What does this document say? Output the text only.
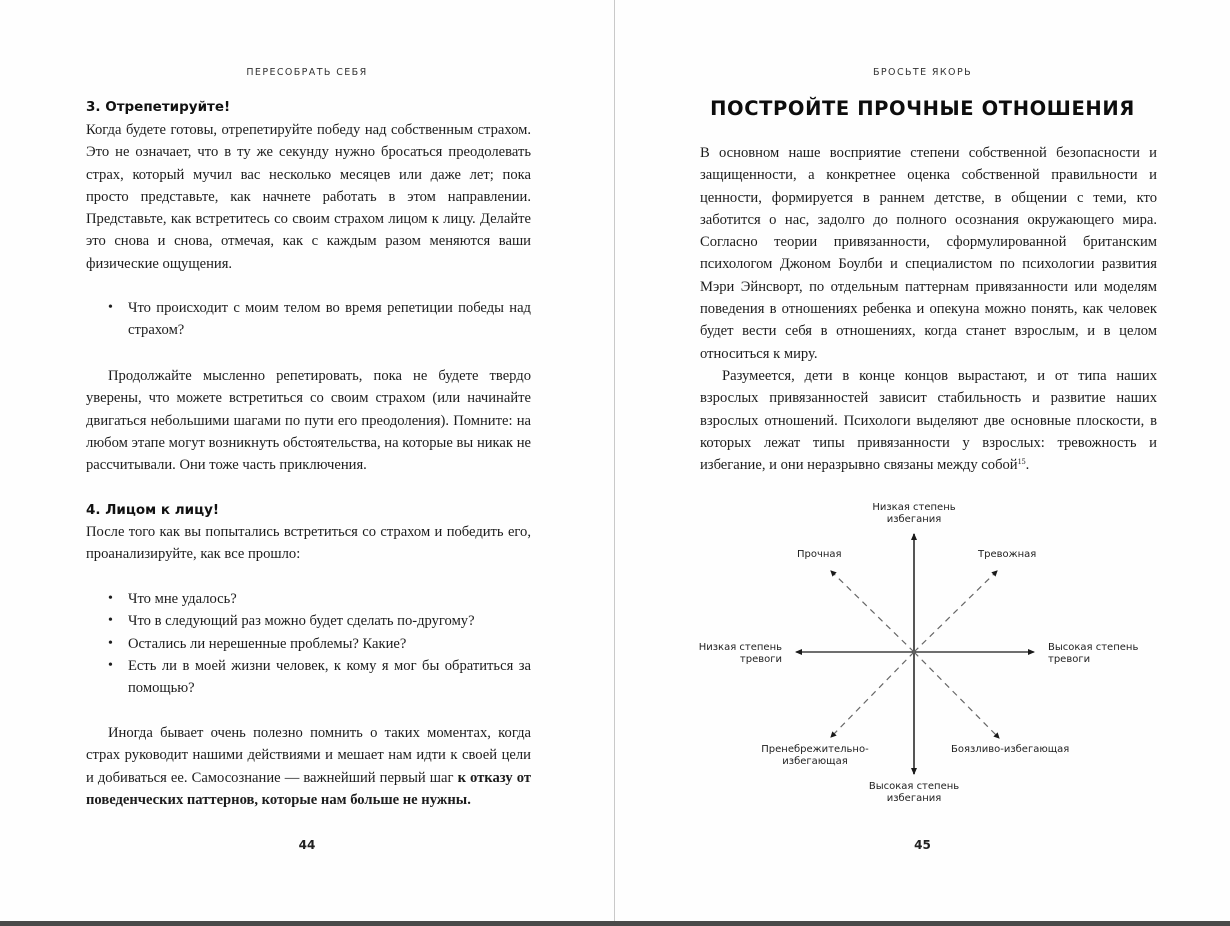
ПЕРЕСОБРАТЬ СЕБЯ
3. Отрепетируйте!

Когда будете готовы, отрепетируйте победу над собственным страхом. Это не означает, что в ту же секунду нужно бросаться преодолевать страх, который мучил вас несколько месяцев или даже лет; пока просто представьте, как начнете работать в этом направлении. Представьте, как встретитесь со своим страхом лицом к лицу. Делайте это снова и снова, отмечая, как с каждым разом меняются ваши физические ощущения.

• Что происходит с моим телом во время репетиции победы над страхом?

Продолжайте мысленно репетировать, пока не будете твердо уверены, что можете встретиться со своим страхом (или начинайте двигаться небольшими шагами по пути его преодоления). Помните: на любом этапе могут возникнуть обстоятельства, на которые вы никак не рассчитывали. Они тоже часть приключения.

4. Лицом к лицу!

После того как вы попытались встретиться со страхом и победить его, проанализируйте, как все прошло:

• Что мне удалось?
• Что в следующий раз можно будет сделать по-другому?
• Остались ли нерешенные проблемы? Какие?
• Есть ли в моей жизни человек, к кому я мог бы обратиться за помощью?

Иногда бывает очень полезно помнить о таких моментах, когда страх руководит нашими действиями и мешает нам идти к своей цели и добиваться ее. Самосознание — важнейший первый шаг к отказу от поведенческих паттернов, которые нам больше не нужны.

44
БРОСЬТЕ ЯКОРЬ
ПОСТРОЙТЕ ПРОЧНЫЕ ОТНОШЕНИЯ

В основном наше восприятие степени собственной безопасности и защищенности, а конкретнее оценка собственной правильности и ценности, формируется в раннем детстве, в общении с теми, кто заботится о нас, задолго до полного осознания окружающего мира. Согласно теории привязанности, сформулированной британским психологом Джоном Боулби и специалистом по психологии развития Мэри Эйнсворт, по отдельным паттернам привязанности или моделям поведения в отношениях ребенка и опекуна можно понять, как человек будет вести себя в отношениях, когда станет взрослым, и в целом относиться к миру.

Разумеется, дети в конце концов вырастают, и от типа наших взрослых привязанностей зависит стабильность и развитие наших взрослых отношений. Психологи выделяют две основные плоскости, в которых лежат типы привязанности у взрослых: тревожность и избегание, и они неразрывно связаны между собой$^{15}$.

Низкая степень
избегания
Прочная	Тревожная
Низкая степень
тревоги
Высокая степень
тревоги
Пренебрежительно-
избегающая
Боязливо-избегающая
Высокая степень
избегания
45
